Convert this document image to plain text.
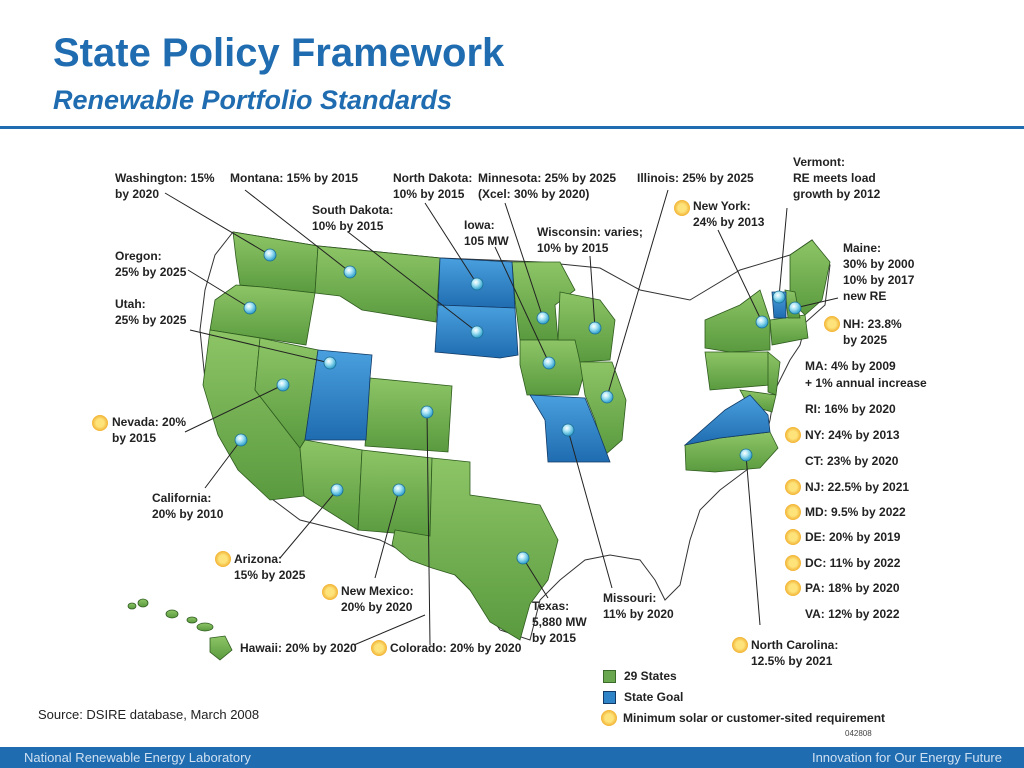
State Policy Framework
Renewable Portfolio Standards
Washington: 15%
by 2020
Montana: 15% by 2015	North Dakota:
10% by 2015
Minnesota: 25% by 2025
(Xcel: 30% by 2020)
Illinois: 25% by 2025
Vermont:
RE meets load
growth by 2012
South Dakota:
10% by 2015	Iowa:
105 MW
Wisconsin: varies;
10% by 2015
New York:
24% by 2013
Oregon:
25% by 2025
Utah:
25% by 2025
Maine:
30% by 2000
10% by 2017
new RE
NH: 23.8%
by 2025
Nevada: 20%
by 2015
California:
20% by 2010
Arizona:
15% by 2025
New Mexico:
20% by 2020
Hawaii: 20% by 2020	Colorado: 20% by 2020
Texas:
5,880 MW
by 2015
Missouri:
11% by 2020
North Carolina:
12.5% by 2021
MA: 4% by 2009
+ 1% annual increase
RI: 16% by 2020
NY: 24% by 2013
CT: 23% by 2020
NJ: 22.5% by 2021
MD: 9.5% by 2022
DE: 20% by 2019
DC: 11% by 2022
PA: 18% by 2020
VA: 12% by 2022
29 States
State Goal
Minimum solar or customer-sited requirement
Source: DSIRE database, March 2008
042808
National Renewable Energy Laboratory	Innovation for Our Energy Future
